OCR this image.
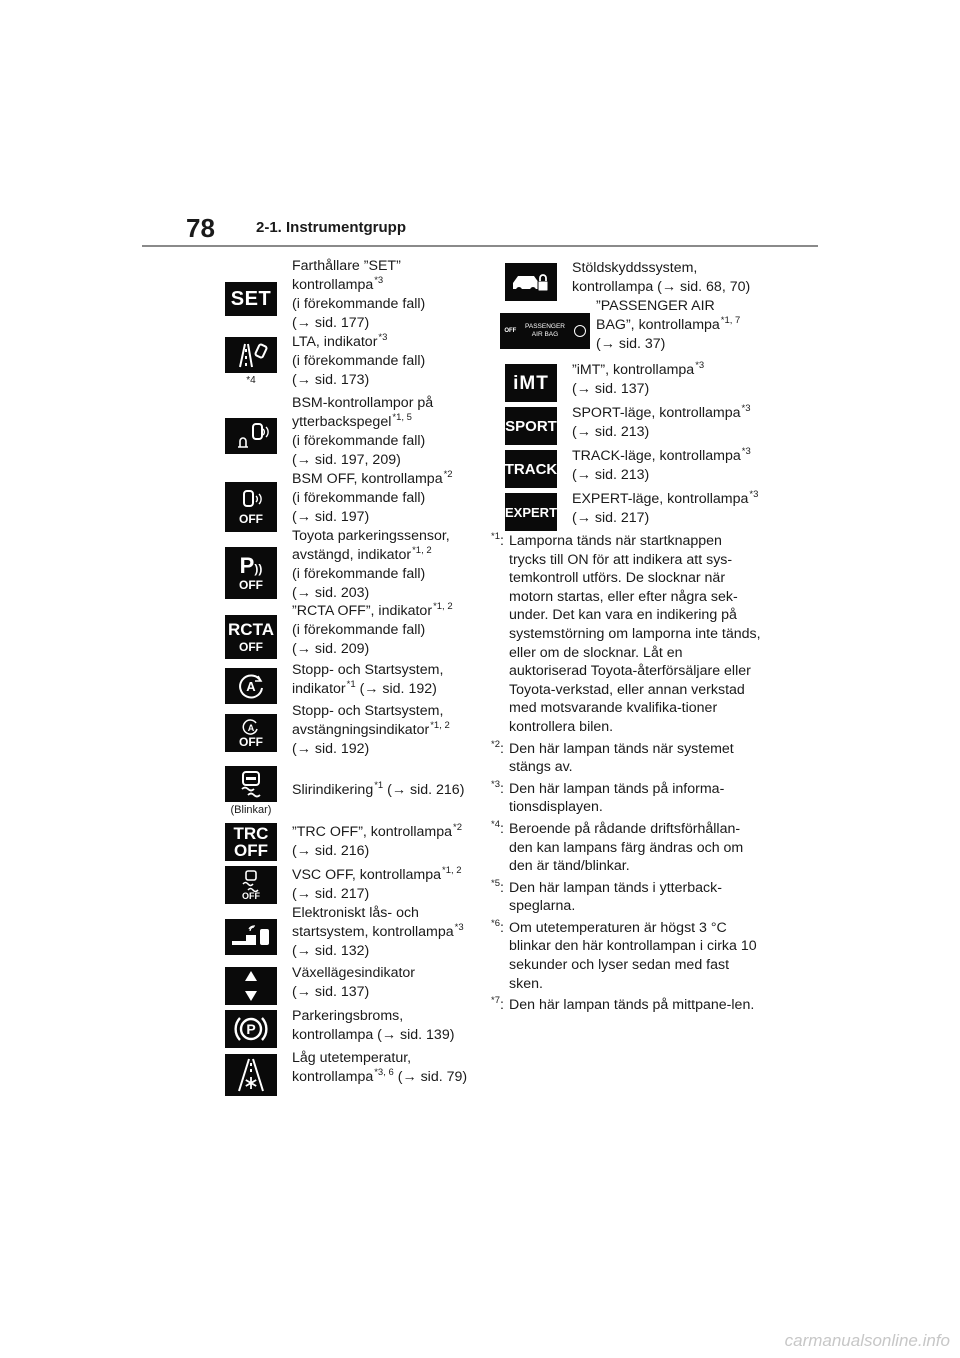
78	2-1. Instrumentgrupp
SET
Farthållare ”SET”
kontrollampa$^{*3}$
(i förekommande fall)
(→ sid. 177)
*4
LTA, indikator$^{*3}$
(i förekommande fall)
(→ sid. 173)
BSM-kontrollampor på
ytterbackspegel$^{*1, 5}$
(i förekommande fall)
(→ sid. 197, 209)
OFF
BSM OFF, kontrollampa$^{*2}$
(i förekommande fall)
(→ sid. 197)
P))
OFF
Toyota parkeringssensor,
avstängd, indikator$^{*1, 2}$
(i förekommande fall)
(→ sid. 203)
RCTA
OFF
”RCTA OFF”, indikator$^{*1, 2}$
(i förekommande fall)
(→ sid. 209)
A
Stopp- och Startsystem,
indikator$^{*1}$ (→ sid. 192)
A
OFF
Stopp- och Startsystem,
avstängningsindikator$^{*1, 2}$
(→ sid. 192)
(Blinkar)
Slirindikering$^{*1}$ (→ sid. 216)
TRC
OFF
”TRC OFF”, kontrollampa$^{*2}$
(→ sid. 216)
OFF
VSC OFF, kontrollampa$^{*1, 2}$
(→ sid. 217)
Elektroniskt lås- och
startsystem, kontrollampa$^{*3}$
(→ sid. 132)
Växellägesindikator
(→ sid. 137)
P
Parkeringsbroms,
kontrollampa (→ sid. 139)
Låg utetemperatur,
kontrollampa$^{*3, 6}$ (→ sid. 79)
Stöldskyddssystem,
kontrollampa (→ sid. 68, 70)
OFF
PASSENGER
AIR BAG
”PASSENGER AIR
BAG”, kontrollampa$^{*1, 7}$
(→ sid. 37)
iMT
”iMT”, kontrollampa$^{*3}$
(→ sid. 137)
SPORT
SPORT-läge, kontrollampa$^{*3}$
(→ sid. 213)
TRACK
TRACK-läge, kontrollampa$^{*3}$
(→ sid. 213)
EXPERT
EXPERT-läge, kontrollampa$^{*3}$
(→ sid. 217)
$^{*1}$: Lamporna tänds när startknappen trycks till ON för att indikera att sys-temkontroll utförs. De slocknar när motorn startas, eller efter några sek-under. Det kan vara en indikering på systemstörning om lamporna inte tänds, eller om de slocknar. Låt en auktoriserad Toyota-återförsäljare eller Toyota-verkstad, eller annan verkstad med motsvarande kvalifika-tioner kontrollera bilen.
$^{*2}$: Den här lampan tänds när systemet stängs av.
$^{*3}$: Den här lampan tänds på informa-tionsdisplayen.
$^{*4}$: Beroende på rådande driftsförhållan-den kan lampans färg ändras och om den är tänd/blinkar.
$^{*5}$: Den här lampan tänds i ytterback-speglarna.
$^{*6}$: Om utetemperaturen är högst 3 °C blinkar den här kontrollampan i cirka 10 sekunder och lyser sedan med fast sken.
$^{*7}$: Den här lampan tänds på mittpane-len.
carmanualsonline.info
